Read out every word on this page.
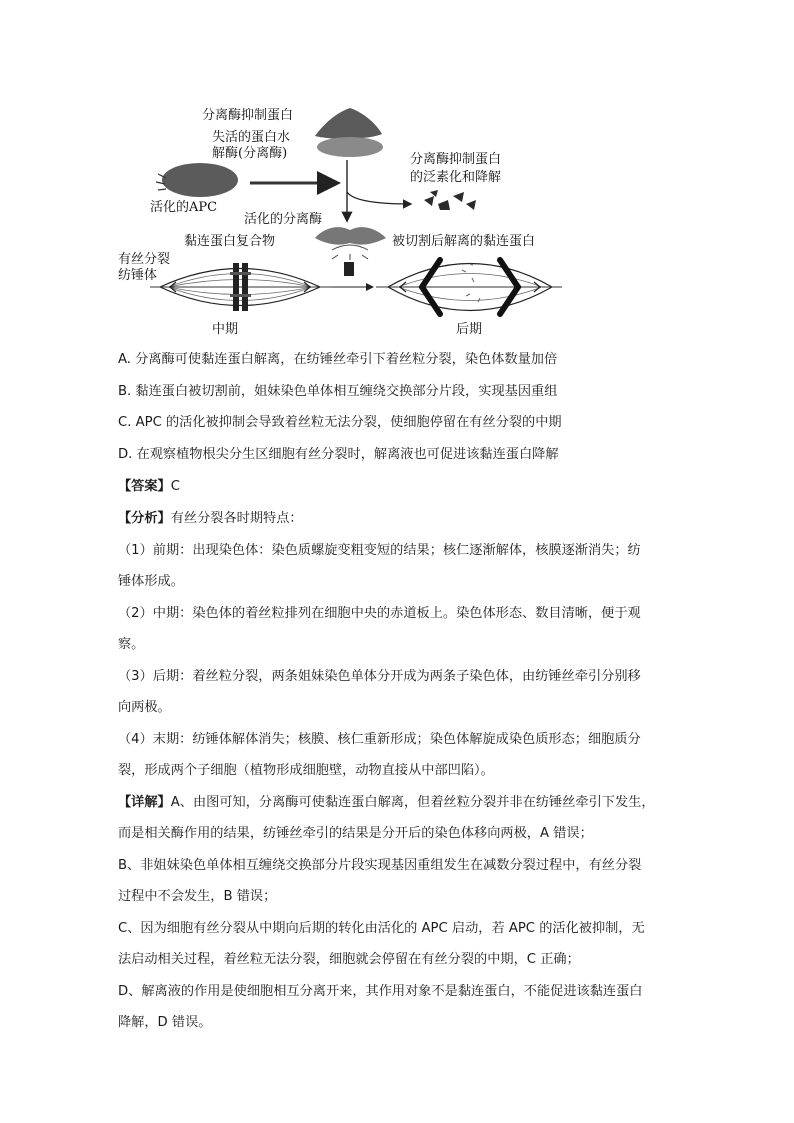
分离酶抑制蛋白
失活的蛋白水
解酶(分离酶)	分离酶抑制蛋白
的泛素化和降解
活化的APC
活化的分离酶
黏连蛋白复合物	被切割后解离的黏连蛋白
有丝分裂
纺锤体
中期	后期
A. 分离酶可使黏连蛋白解离，在纺锤丝牵引下着丝粒分裂，染色体数量加倍
B. 黏连蛋白被切割前，姐妹染色单体相互缠绕交换部分片段，实现基因重组
C. APC 的活化被抑制会导致着丝粒无法分裂，使细胞停留在有丝分裂的中期
D. 在观察植物根尖分生区细胞有丝分裂时，解离液也可促进该黏连蛋白降解
【答案】C
【分析】有丝分裂各时期特点：
（1）前期：出现染色体：染色质螺旋变粗变短的结果；核仁逐渐解体，核膜逐渐消失；纺
锤体形成。
（2）中期：染色体的着丝粒排列在细胞中央的赤道板上。染色体形态、数目清晰，便于观
察。
（3）后期：着丝粒分裂，两条姐妹染色单体分开成为两条子染色体，由纺锤丝牵引分别移
向两极。
（4）末期：纺锤体解体消失；核膜、核仁重新形成；染色体解旋成染色质形态；细胞质分
裂，形成两个子细胞（植物形成细胞壁，动物直接从中部凹陷）。
【详解】A、由图可知，分离酶可使黏连蛋白解离，但着丝粒分裂并非在纺锤丝牵引下发生，
而是相关酶作用的结果，纺锤丝牵引的结果是分开后的染色体移向两极，A 错误；
B、非姐妹染色单体相互缠绕交换部分片段实现基因重组发生在减数分裂过程中，有丝分裂
过程中不会发生，B 错误；
C、因为细胞有丝分裂从中期向后期的转化由活化的 APC 启动，若 APC 的活化被抑制，无
法启动相关过程，着丝粒无法分裂，细胞就会停留在有丝分裂的中期，C 正确；
D、解离液的作用是使细胞相互分离开来，其作用对象不是黏连蛋白，不能促进该黏连蛋白
降解，D 错误。
